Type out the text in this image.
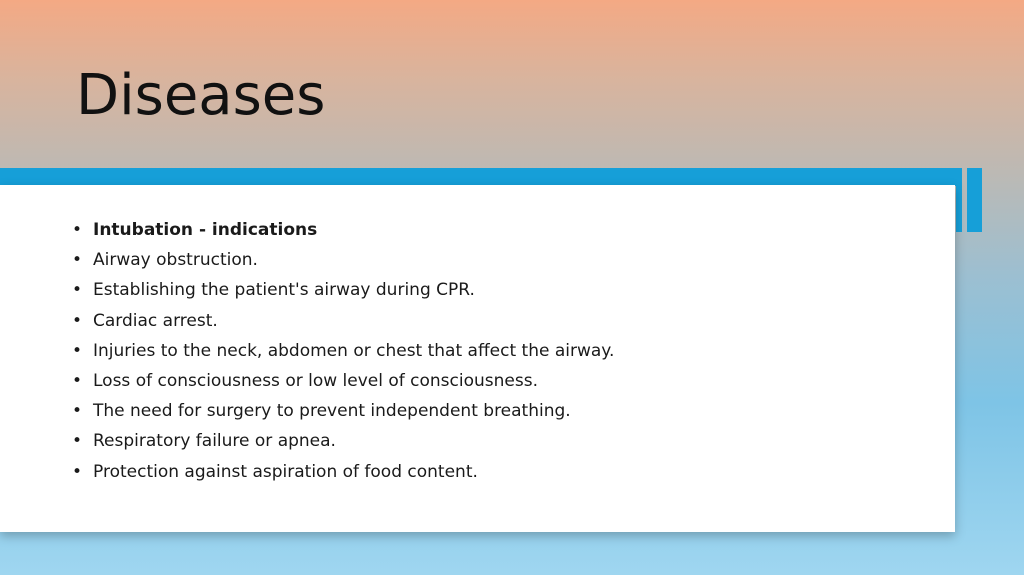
Diseases
• Intubation - indications
• Airway obstruction.
• Establishing the patient's airway during CPR.
• Cardiac arrest.
• Injuries to the neck, abdomen or chest that affect the airway.
• Loss of consciousness or low level of consciousness.
• The need for surgery to prevent independent breathing.
• Respiratory failure or apnea.
• Protection against aspiration of food content.
